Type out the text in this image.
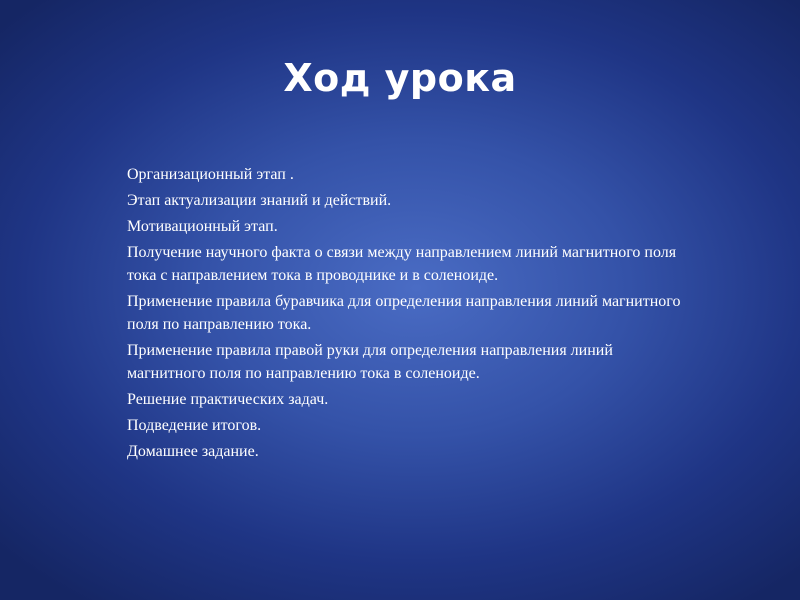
Ход урока
Организационный этап .
Этап актуализации знаний и действий.
Мотивационный этап.
Получение научного факта о связи между направлением линий магнитного поля тока с направлением тока в проводнике и в соленоиде.
Применение правила буравчика для определения направления линий магнитного поля по направлению тока.
Применение правила правой руки для определения направления линий магнитного поля по направлению тока в соленоиде.
Решение практических задач.
Подведение итогов.
Домашнее задание.
